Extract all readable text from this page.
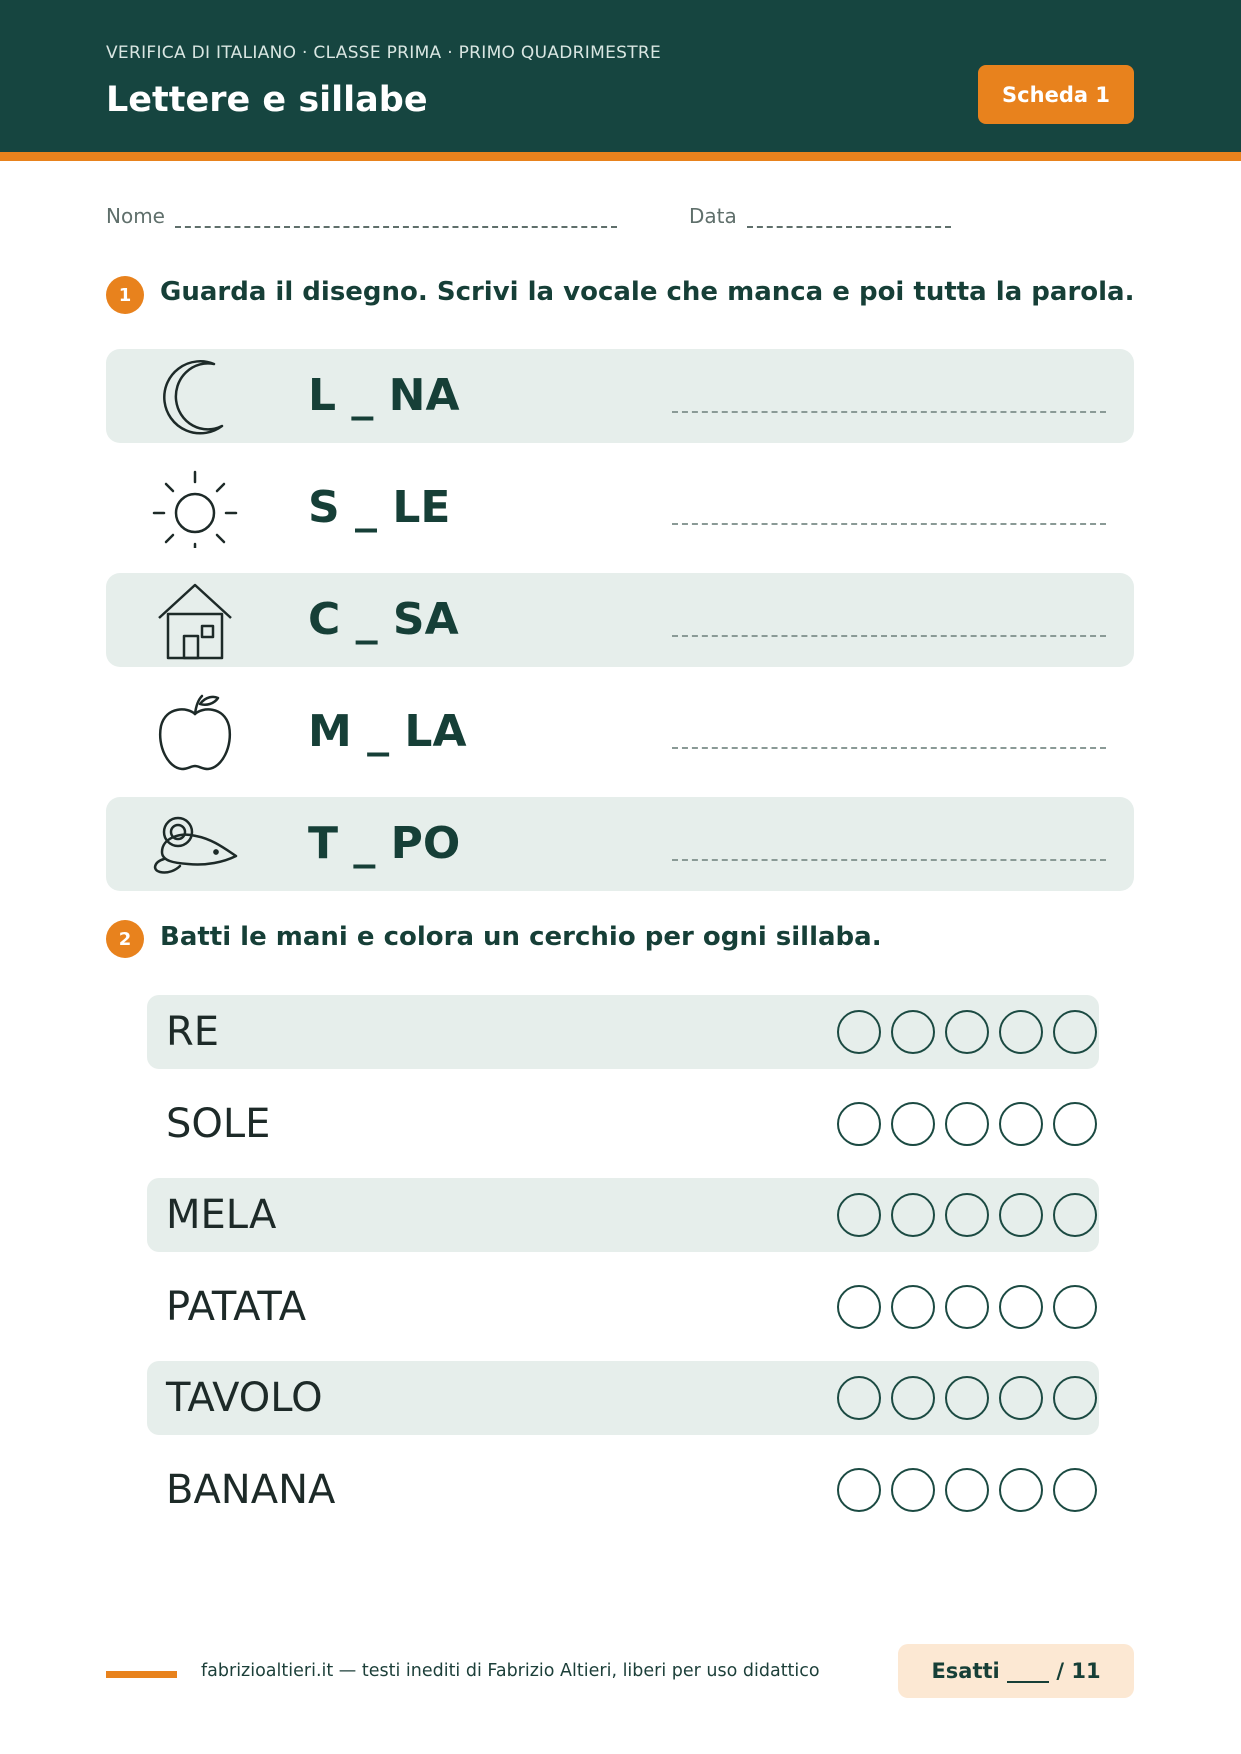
VERIFICA DI ITALIANO · CLASSE PRIMA · PRIMO QUADRIMESTRE
Lettere e sillabe	Scheda 1
Nome	Data
1	Guarda il disegno. Scrivi la vocale che manca e poi tutta la parola.
L _ NA
S _ LE
C _ SA
M _ LA
T _ PO
2	Batti le mani e colora un cerchio per ogni sillaba.
RE
SOLE
MELA
PATATA
TAVOLO
BANANA
fabrizioaltieri.it — testi inediti di Fabrizio Altieri, liberi per uso didattico	Esatti ____ / 11
